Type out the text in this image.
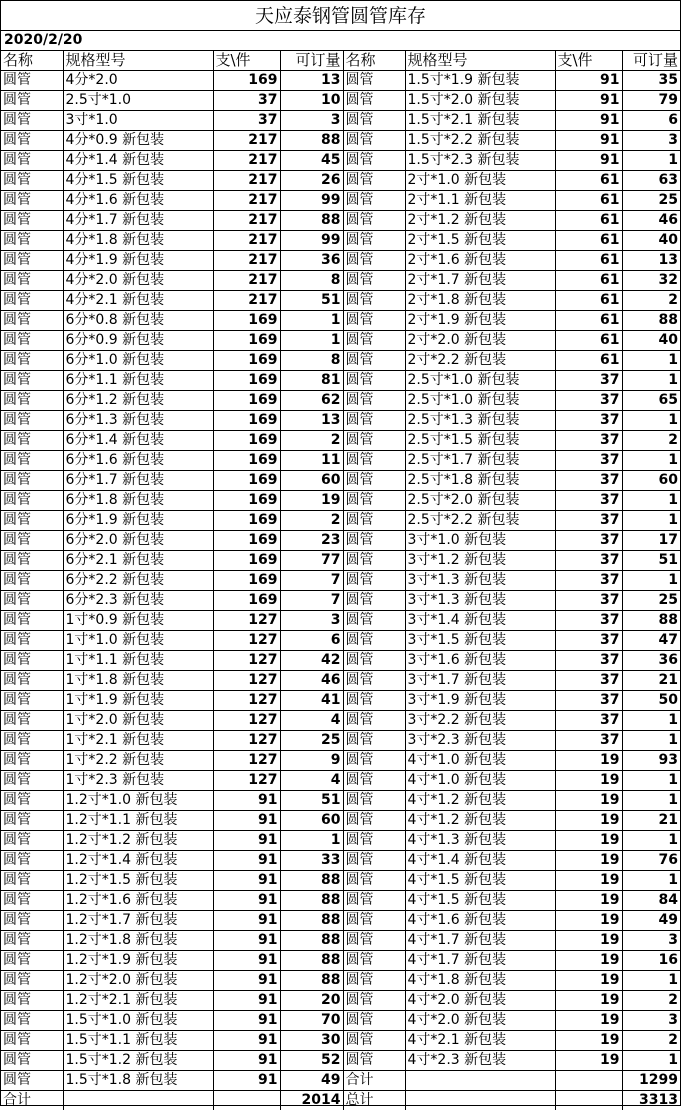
天应泰钢管圆管库存
2020/2/20
名称	规格型号	支\件	可订量	名称	规格型号	支\件	可订量
圆管	4分*2.0	169	13	圆管	1.5寸*1.9 新包装	91	35
圆管	2.5寸*1.0	37	10	圆管	1.5寸*2.0 新包装	91	79
圆管	3寸*1.0	37	3	圆管	1.5寸*2.1 新包装	91	6
圆管	4分*0.9 新包装	217	88	圆管	1.5寸*2.2 新包装	91	3
圆管	4分*1.4 新包装	217	45	圆管	1.5寸*2.3 新包装	91	1
圆管	4分*1.5 新包装	217	26	圆管	2寸*1.0 新包装	61	63
圆管	4分*1.6 新包装	217	99	圆管	2寸*1.1 新包装	61	25
圆管	4分*1.7 新包装	217	88	圆管	2寸*1.2 新包装	61	46
圆管	4分*1.8 新包装	217	99	圆管	2寸*1.5 新包装	61	40
圆管	4分*1.9 新包装	217	36	圆管	2寸*1.6 新包装	61	13
圆管	4分*2.0 新包装	217	8	圆管	2寸*1.7 新包装	61	32
圆管	4分*2.1 新包装	217	51	圆管	2寸*1.8 新包装	61	2
圆管	6分*0.8 新包装	169	1	圆管	2寸*1.9 新包装	61	88
圆管	6分*0.9 新包装	169	1	圆管	2寸*2.0 新包装	61	40
圆管	6分*1.0 新包装	169	8	圆管	2寸*2.2 新包装	61	1
圆管	6分*1.1 新包装	169	81	圆管	2.5寸*1.0 新包装	37	1
圆管	6分*1.2 新包装	169	62	圆管	2.5寸*1.0 新包装	37	65
圆管	6分*1.3 新包装	169	13	圆管	2.5寸*1.3 新包装	37	1
圆管	6分*1.4 新包装	169	2	圆管	2.5寸*1.5 新包装	37	2
圆管	6分*1.6 新包装	169	11	圆管	2.5寸*1.7 新包装	37	1
圆管	6分*1.7 新包装	169	60	圆管	2.5寸*1.8 新包装	37	60
圆管	6分*1.8 新包装	169	19	圆管	2.5寸*2.0 新包装	37	1
圆管	6分*1.9 新包装	169	2	圆管	2.5寸*2.2 新包装	37	1
圆管	6分*2.0 新包装	169	23	圆管	3寸*1.0 新包装	37	17
圆管	6分*2.1 新包装	169	77	圆管	3寸*1.2 新包装	37	51
圆管	6分*2.2 新包装	169	7	圆管	3寸*1.3 新包装	37	1
圆管	6分*2.3 新包装	169	7	圆管	3寸*1.3 新包装	37	25
圆管	1寸*0.9 新包装	127	3	圆管	3寸*1.4 新包装	37	88
圆管	1寸*1.0 新包装	127	6	圆管	3寸*1.5 新包装	37	47
圆管	1寸*1.1 新包装	127	42	圆管	3寸*1.6 新包装	37	36
圆管	1寸*1.8 新包装	127	46	圆管	3寸*1.7 新包装	37	21
圆管	1寸*1.9 新包装	127	41	圆管	3寸*1.9 新包装	37	50
圆管	1寸*2.0 新包装	127	4	圆管	3寸*2.2 新包装	37	1
圆管	1寸*2.1 新包装	127	25	圆管	3寸*2.3 新包装	37	1
圆管	1寸*2.2 新包装	127	9	圆管	4寸*1.0 新包装	19	93
圆管	1寸*2.3 新包装	127	4	圆管	4寸*1.0 新包装	19	1
圆管	1.2寸*1.0 新包装	91	51	圆管	4寸*1.2 新包装	19	1
圆管	1.2寸*1.1 新包装	91	60	圆管	4寸*1.2 新包装	19	21
圆管	1.2寸*1.2 新包装	91	1	圆管	4寸*1.3 新包装	19	1
圆管	1.2寸*1.4 新包装	91	33	圆管	4寸*1.4 新包装	19	76
圆管	1.2寸*1.5 新包装	91	88	圆管	4寸*1.5 新包装	19	1
圆管	1.2寸*1.6 新包装	91	88	圆管	4寸*1.5 新包装	19	84
圆管	1.2寸*1.7 新包装	91	88	圆管	4寸*1.6 新包装	19	49
圆管	1.2寸*1.8 新包装	91	88	圆管	4寸*1.7 新包装	19	3
圆管	1.2寸*1.9 新包装	91	88	圆管	4寸*1.7 新包装	19	16
圆管	1.2寸*2.0 新包装	91	88	圆管	4寸*1.8 新包装	19	1
圆管	1.2寸*2.1 新包装	91	20	圆管	4寸*2.0 新包装	19	2
圆管	1.5寸*1.0 新包装	91	70	圆管	4寸*2.0 新包装	19	3
圆管	1.5寸*1.1 新包装	91	30	圆管	4寸*2.1 新包装	19	2
圆管	1.5寸*1.2 新包装	91	52	圆管	4寸*2.3 新包装	19	1
圆管	1.5寸*1.8 新包装	91	49	合计			1299
合计			2014	总计			3313
